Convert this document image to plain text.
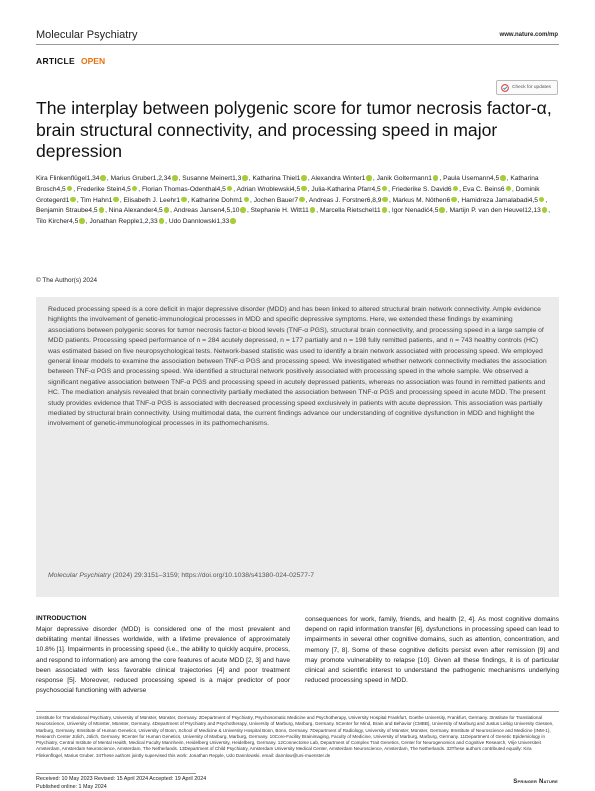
Molecular Psychiatry	www.nature.com/mp
ARTICLE OPEN
Check for updates
The interplay between polygenic score for tumor necrosis factor-α, brain structural connectivity, and processing speed in major depression
Kira Flinkenflügel1,34 , Marius Gruber1,2,34 , Susanne Meinert1,3 , Katharina Thiel1 , Alexandra Winter1 , Janik Goltermann1 , Paula Usemann4,5 , Katharina Brosch4,5 , Frederike Stein4,5 , Florian Thomas-Odenthal4,5 , Adrian Wroblewski4,5 , Julia-Katharina Pfarr4,5 , Friederike S. David6 , Eva C. Beins6 , Dominik Grotegerd1 , Tim Hahn1 , Elisabeth J. Leehr1 , Katharine Dohm1 , Jochen Bauer7 , Andreas J. Forstner6,8,9 , Markus M. Nöthen6 , Hamidreza Jamalabadi4,5 , Benjamin Straube4,5 , Nina Alexander4,5 , Andreas Jansen4,5,10 , Stephanie H. Witt11 , Marcella Rietschel11 , Igor Nenadić4,5 , Martijn P. van den Heuvel12,13 , Tilo Kircher4,5 , Jonathan Repple1,2,33 , Udo Dannlowski1,33
© The Author(s) 2024
Reduced processing speed is a core deficit in major depressive disorder (MDD) and has been linked to altered structural brain network connectivity. Ample evidence highlights the involvement of genetic-immunological processes in MDD and specific depressive symptoms. Here, we extended these findings by examining associations between polygenic scores for tumor necrosis factor-α blood levels (TNF-α PGS), structural brain connectivity, and processing speed in a large sample of MDD patients. Processing speed performance of n = 284 acutely depressed, n = 177 partially and n = 198 fully remitted patients, and n = 743 healthy controls (HC) was estimated based on five neuropsychological tests. Network-based statistic was used to identify a brain network associated with processing speed. We employed general linear models to examine the association between TNF-α PGS and processing speed. We investigated whether network connectivity mediates the association between TNF-α PGS and processing speed. We identified a structural network positively associated with processing speed in the whole sample. We observed a significant negative association between TNF-α PGS and processing speed in acutely depressed patients, whereas no association was found in remitted patients and HC. The mediation analysis revealed that brain connectivity partially mediated the association between TNF-α PGS and processing speed in acute MDD. The present study provides evidence that TNF-α PGS is associated with decreased processing speed exclusively in patients with acute depression. This association was partially mediated by structural brain connectivity. Using multimodal data, the current findings advance our understanding of cognitive dysfunction in MDD and highlight the involvement of genetic-immunological processes in its pathomechanisms.
Molecular Psychiatry (2024) 29:3151–3159; https://doi.org/10.1038/s41380-024-02577-7
INTRODUCTION
Major depressive disorder (MDD) is considered one of the most prevalent and debilitating mental illnesses worldwide, with a lifetime prevalence of approximately 10.8% [1]. Impairments in processing speed (i.e., the ability to quickly acquire, process, and respond to information) are among the core features of acute MDD [2, 3] and have been associated with less favorable clinical trajectories [4] and poor treatment response [5]. Moreover, reduced processing speed is a major predictor of poor psychosocial functioning with adverse
consequences for work, family, friends, and health [2, 4]. As most cognitive domains depend on rapid information transfer [6], dysfunctions in processing speed can lead to impairments in several other cognitive domains, such as attention, concentration, and memory [7, 8]. Some of these cognitive deficits persist even after remission [9] and may promote vulnerability to relapse [10]. Given all these findings, it is of particular clinical and scientific interest to understand the pathogenic mechanisms underlying reduced processing speed in MDD.
1Institute for Translational Psychiatry, University of Münster, Münster, Germany. 2Department of Psychiatry, Psychosomatic Medicine and Psychotherapy, University Hospital Frankfurt, Goethe University, Frankfurt, Germany. 3Institute for Translational Neuroscience, University of Münster, Münster, Germany. 4Department of Psychiatry and Psychotherapy, University of Marburg, Marburg, Germany. 5Center for Mind, Brain and Behavior (CMBB), University of Marburg and Justus Liebig University Giessen, Marburg, Germany. 6Institute of Human Genetics, University of Bonn, School of Medicine & University Hospital Bonn, Bonn, Germany. 7Department of Radiology, University of Münster, Münster, Germany. 8Institute of Neuroscience and Medicine (INM-1), Research Center Jülich, Jülich, Germany. 9Center for Human Genetics, University of Marburg, Marburg, Germany. 10Core-Facility Brainimaging, Faculty of Medicine, University of Marburg, Marburg, Germany. 11Department of Genetic Epidemiology in Psychiatry, Central Institute of Mental Health, Medical Faculty Mannheim, Heidelberg University, Heidelberg, Germany. 12Connectome Lab, Department of Complex Trait Genetics, Center for Neurogenomics and Cognitive Research, Vrije Universiteit Amsterdam, Amsterdam Neuroscience, Amsterdam, The Netherlands. 13Department of Child Psychiatry, Amsterdam University Medical Center, Amsterdam Neuroscience, Amsterdam, The Netherlands. 33These authors contributed equally: Kira Flinkenflügel, Marius Gruber. 34These authors jointly supervised this work: Jonathan Repple, Udo Dannlowski. email: dannlow@uni-muenster.de
Received: 10 May 2023 Revised: 15 April 2024 Accepted: 19 April 2024
Published online: 1 May 2024
Springer Nature
